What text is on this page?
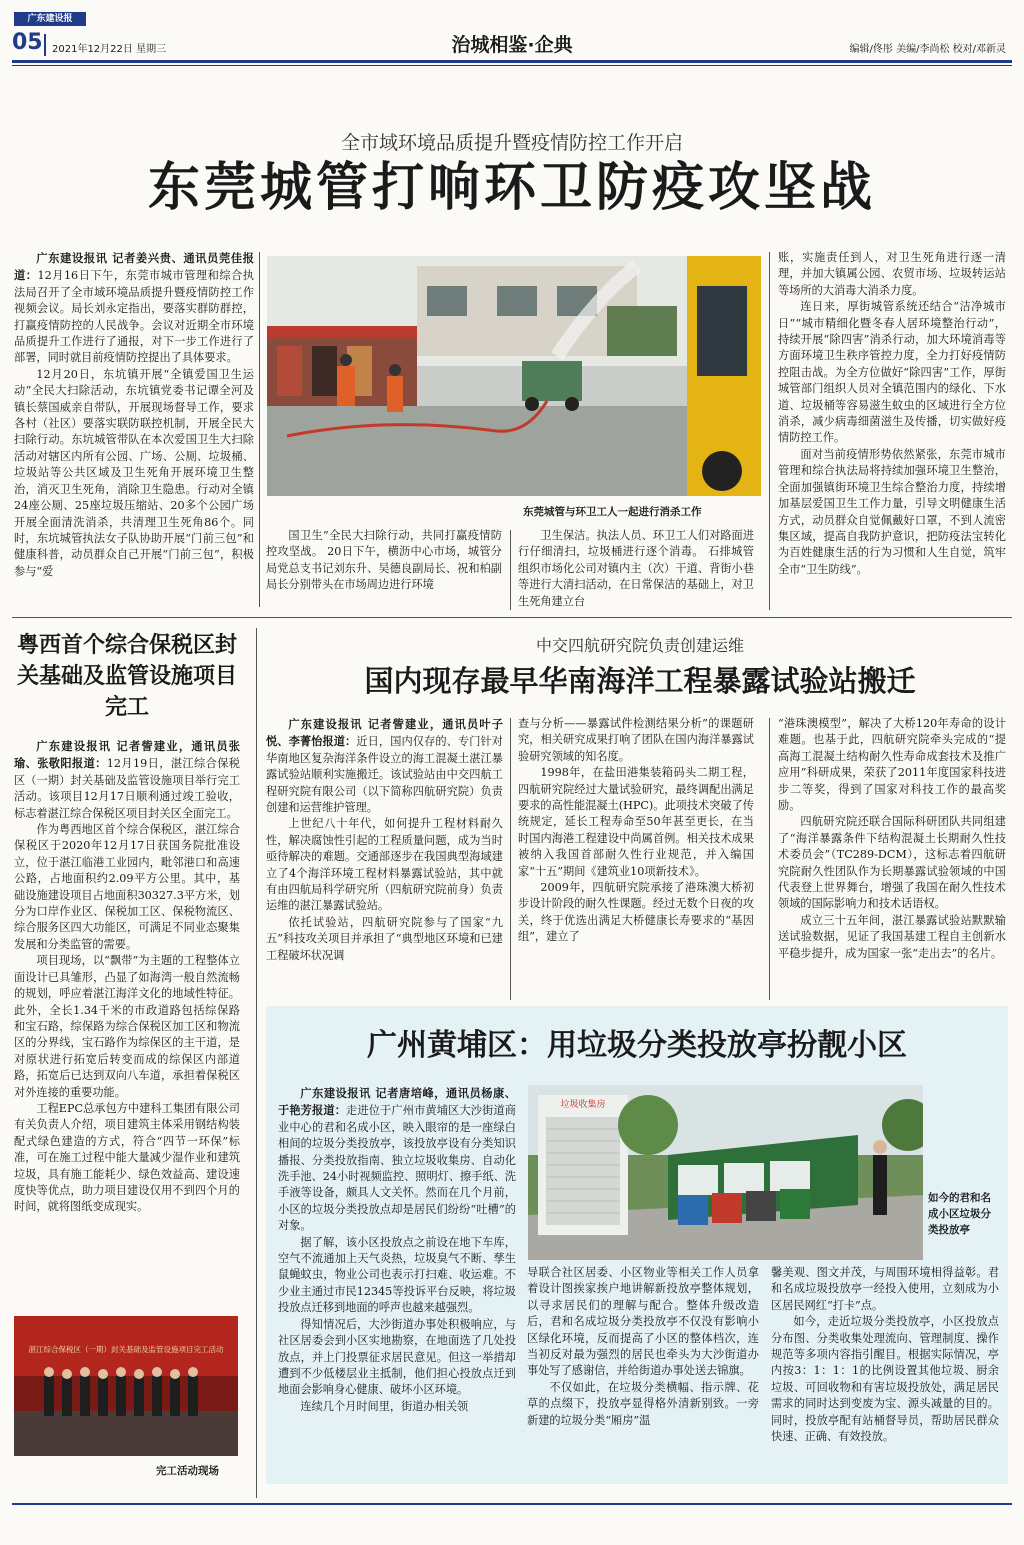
广东建设报
05 2021年12月22日 星期三	治城相鉴·企典	编辑/佟彤 美编/李尚松 校对/邓新灵
全市域环境品质提升暨疫情防控工作开启
东莞城管打响环卫防疫攻坚战

广东建设报讯 记者姜兴贵、通讯员莞佳报道：12月16日下午，东莞市城市管理和综合执法局召开了全市域环境品质提升暨疫情防控工作视频会议。局长刘永定指出，要落实群防群控，打赢疫情防控的人民战争。会议对近期全市环境品质提升工作进行了通报，对下一步工作进行了部署，同时就目前疫情防控提出了具体要求。

12月20日，东坑镇开展“全镇爱国卫生运动”全民大扫除活动，东坑镇党委书记谭全河及镇长蔡国威亲自带队，开展现场督导工作，要求各村（社区）要落实联防联控机制，开展全民大扫除行动。东坑城管带队在本次爱国卫生大扫除活动对辖区内所有公园、广场、公厕、垃圾桶、垃圾站等公共区域及卫生死角开展环境卫生整治，消灭卫生死角，消除卫生隐患。行动对全镇24座公厕、25座垃圾压缩站、20多个公园广场开展全面清洗消杀，共清理卫生死角86个。同时，东坑城管执法女子队协助开展“门前三包”和健康科普，动员群众自己开展“门前三包”，积极参与“爱

东莞城管与环卫工人一起进行消杀工作

国卫生”全民大扫除行动，共同打赢疫情防控攻坚战。 20日下午，横沥中心市场，城管分局党总支书记刘东升、吴德良副局长、祝和柏副局长分别带头在市场周边进行环境

卫生保洁。执法人员、环卫工人们对路面进行仔细清扫，垃圾桶进行逐个消毒。 石排城管组织市场化公司对镇内主（次）干道、背街小巷等进行大清扫活动，在日常保洁的基础上，对卫生死角建立台

账，实施责任到人，对卫生死角进行逐一清理，并加大镇属公园、农贸市场、垃圾转运站等场所的大消毒大消杀力度。

连日来，厚街城管系统还结合“洁净城市日”“城市精细化暨冬春人居环境整治行动”，持续开展“除四害”消杀行动，加大环境消毒等方面环境卫生秩序管控力度，全力打好疫情防控阻击战。为全方位做好“除四害”工作，厚街城管部门组织人员对全镇范围内的绿化、下水道、垃圾桶等容易滋生蚊虫的区域进行全方位消杀，减少病毒细菌滋生及传播，切实做好疫情防控工作。

面对当前疫情形势依然紧张，东莞市城市管理和综合执法局将持续加强环境卫生整治，全面加强镇街环境卫生综合整治力度，持续增加基层爱国卫生工作力量，引导文明健康生活方式，动员群众自觉佩戴好口罩，不到人流密集区域，提高自我防护意识，把防疫法宝转化为百姓健康生活的行为习惯和人生自觉，筑牢全市“卫生防线”。

粤西首个综合保税区封关基础及监管设施项目完工

广东建设报讯 记者訾建业，通讯员张瑜、张敬阳报道：12月19日，湛江综合保税区（一期）封关基础及监管设施项目举行完工活动。该项目12月17日顺利通过竣工验收，标志着湛江综合保税区项目封关区全面完工。

作为粤西地区首个综合保税区，湛江综合保税区于2020年12月17日获国务院批准设立，位于湛江临港工业园内，毗邻港口和高速公路，占地面积约2.09平方公里。其中，基础设施建设项目占地面积30327.3平方米，划分为口岸作业区、保税加工区、保税物流区、综合服务区四大功能区，可满足不同业态聚集发展和分类监管的需要。

项目现场，以“飘带”为主题的工程整体立面设计已具雏形，凸显了如海湾一般自然流畅的规划，呼应着湛江海洋文化的地域性特征。此外，全长1.34千米的市政道路包括综保路和宝石路，综保路为综合保税区加工区和物流区的分界线，宝石路作为综保区的主干道，是对原状进行拓宽后转变而成的综保区内部道路，拓宽后已达到双向八车道，承担着保税区对外连接的重要功能。

工程EPC总承包方中建科工集团有限公司有关负责人介绍，项目建筑主体采用钢结构装配式绿色建造的方式，符合“四节一环保”标准，可在施工过程中能大量减少湿作业和建筑垃圾，具有施工能耗少、绿色效益高、建设速度快等优点，助力项目建设仅用不到四个月的时间，就将图纸变成现实。

湛江综合保税区（一期）封关基础及监管设施项目完工活动
完工活动现场
中交四航研究院负责创建运维
国内现存最早华南海洋工程暴露试验站搬迁

广东建设报讯 记者訾建业，通讯员叶子悦、李菁怡报道：近日，国内仅存的、专门针对华南地区复杂海洋条件设立的海工混凝土湛江暴露试验站顺利实施搬迁。该试验站由中交四航工程研究院有限公司（以下简称四航研究院）负责创建和运营维护管理。

上世纪八十年代，如何提升工程材料耐久性，解决腐蚀性引起的工程质量问题，成为当时亟待解决的难题。交通部逐步在我国典型海域建立了4个海洋环境工程材料暴露试验站，其中就有由四航局科学研究所（四航研究院前身）负责运维的湛江暴露试验站。

依托试验站，四航研究院参与了国家“九五”科技攻关项目并承担了“典型地区环境和已建工程破坏状况调

查与分析——暴露试件检测结果分析”的课题研究，相关研究成果打响了团队在国内海洋暴露试验研究领域的知名度。

1998年，在盐田港集装箱码头二期工程，四航研究院经过大量试验研究，最终调配出满足要求的高性能混凝土(HPC)。此项技术突破了传统规定，延长工程寿命至50年甚至更长，在当时国内海港工程建设中尚属首例。相关技术成果被纳入我国首部耐久性行业规范，并入编国家“十五”期间《建筑业10项新技术》。

2009年，四航研究院承接了港珠澳大桥初步设计阶段的耐久性课题。经过无数个日夜的攻关，终于优选出满足大桥健康长寿要求的“基因组”，建立了

“港珠澳模型”，解决了大桥120年寿命的设计难题。也基于此，四航研究院牵头完成的“提高海工混凝土结构耐久性寿命成套技术及推广应用”科研成果，荣获了2011年度国家科技进步二等奖，得到了国家对科技工作的最高奖励。

四航研究院还联合国际科研团队共同组建了“海洋暴露条件下结构混凝土长期耐久性技术委员会”（TC289-DCM），这标志着四航研究院耐久性团队作为长期暴露试验领域的中国代表登上世界舞台，增强了我国在耐久性技术领域的国际影响力和技术话语权。

成立三十五年间，湛江暴露试验站默默输送试验数据，见证了我国基建工程自主创新水平稳步提升，成为国家一张“走出去”的名片。

广州黄埔区：用垃圾分类投放亭扮靓小区

广东建设报讯 记者唐培峰，通讯员杨康、于艳芳报道：走进位于广州市黄埔区大沙街道商业中心的君和名成小区，映入眼帘的是一座绿白相间的垃圾分类投放亭，该投放亭设有分类知识播报、分类投放指南、独立垃圾收集房、自动化洗手池、24小时视频监控、照明灯、擦手纸、洗手液等设备，颇具人文关怀。然而在几个月前，小区的垃圾分类投放点却是居民们纷纷“吐槽”的对象。

据了解，该小区投放点之前设在地下车库，空气不流通加上天气炎热，垃圾臭气不断、孳生鼠蝇蚊虫，物业公司也表示打扫难、收运难。不少业主通过市民12345等投诉平台反映，将垃圾投放点迁移到地面的呼声也越来越强烈。

得知情况后，大沙街道办事处积极响应，与社区居委会到小区实地勘察，在地面选了几处投放点，并上门投票征求居民意见。但这一举措却遭到不少低楼层业主抵制，他们担心投放点迁到地面会影响身心健康、破坏小区环境。

连续几个月时间里，街道办相关领

垃圾收集房
如今的君和名成小区垃圾分类投放亭

导联合社区居委、小区物业等相关工作人员拿着设计图挨家挨户地讲解新投放亭整体规划，以寻求居民们的理解与配合。整体升级改造后，君和名成垃圾分类投放亭不仅没有影响小区绿化环境，反而提高了小区的整体档次，连当初反对最为强烈的居民也牵头为大沙街道办事处写了感谢信，并给街道办事处送去锦旗。

不仅如此，在垃圾分类横幅、指示牌、花草的点缀下，投放亭显得格外清新别致。一旁新建的垃圾分类“厢房”温

馨美观、图文并茂，与周围环境相得益彰。君和名成垃圾投放亭一经投入使用，立刻成为小区居民网红“打卡”点。

如今，走近垃圾分类投放亭，小区投放点分布图、分类收集处理流向、管理制度、操作规范等多项内容指引醒目。根据实际情况，亭内按3：1：1：1的比例设置其他垃圾、厨余垃圾、可回收物和有害垃圾投放处，满足居民需求的同时达到变废为宝、源头减量的目的。同时，投放亭配有站桶督导员，帮助居民群众快速、正确、有效投放。
